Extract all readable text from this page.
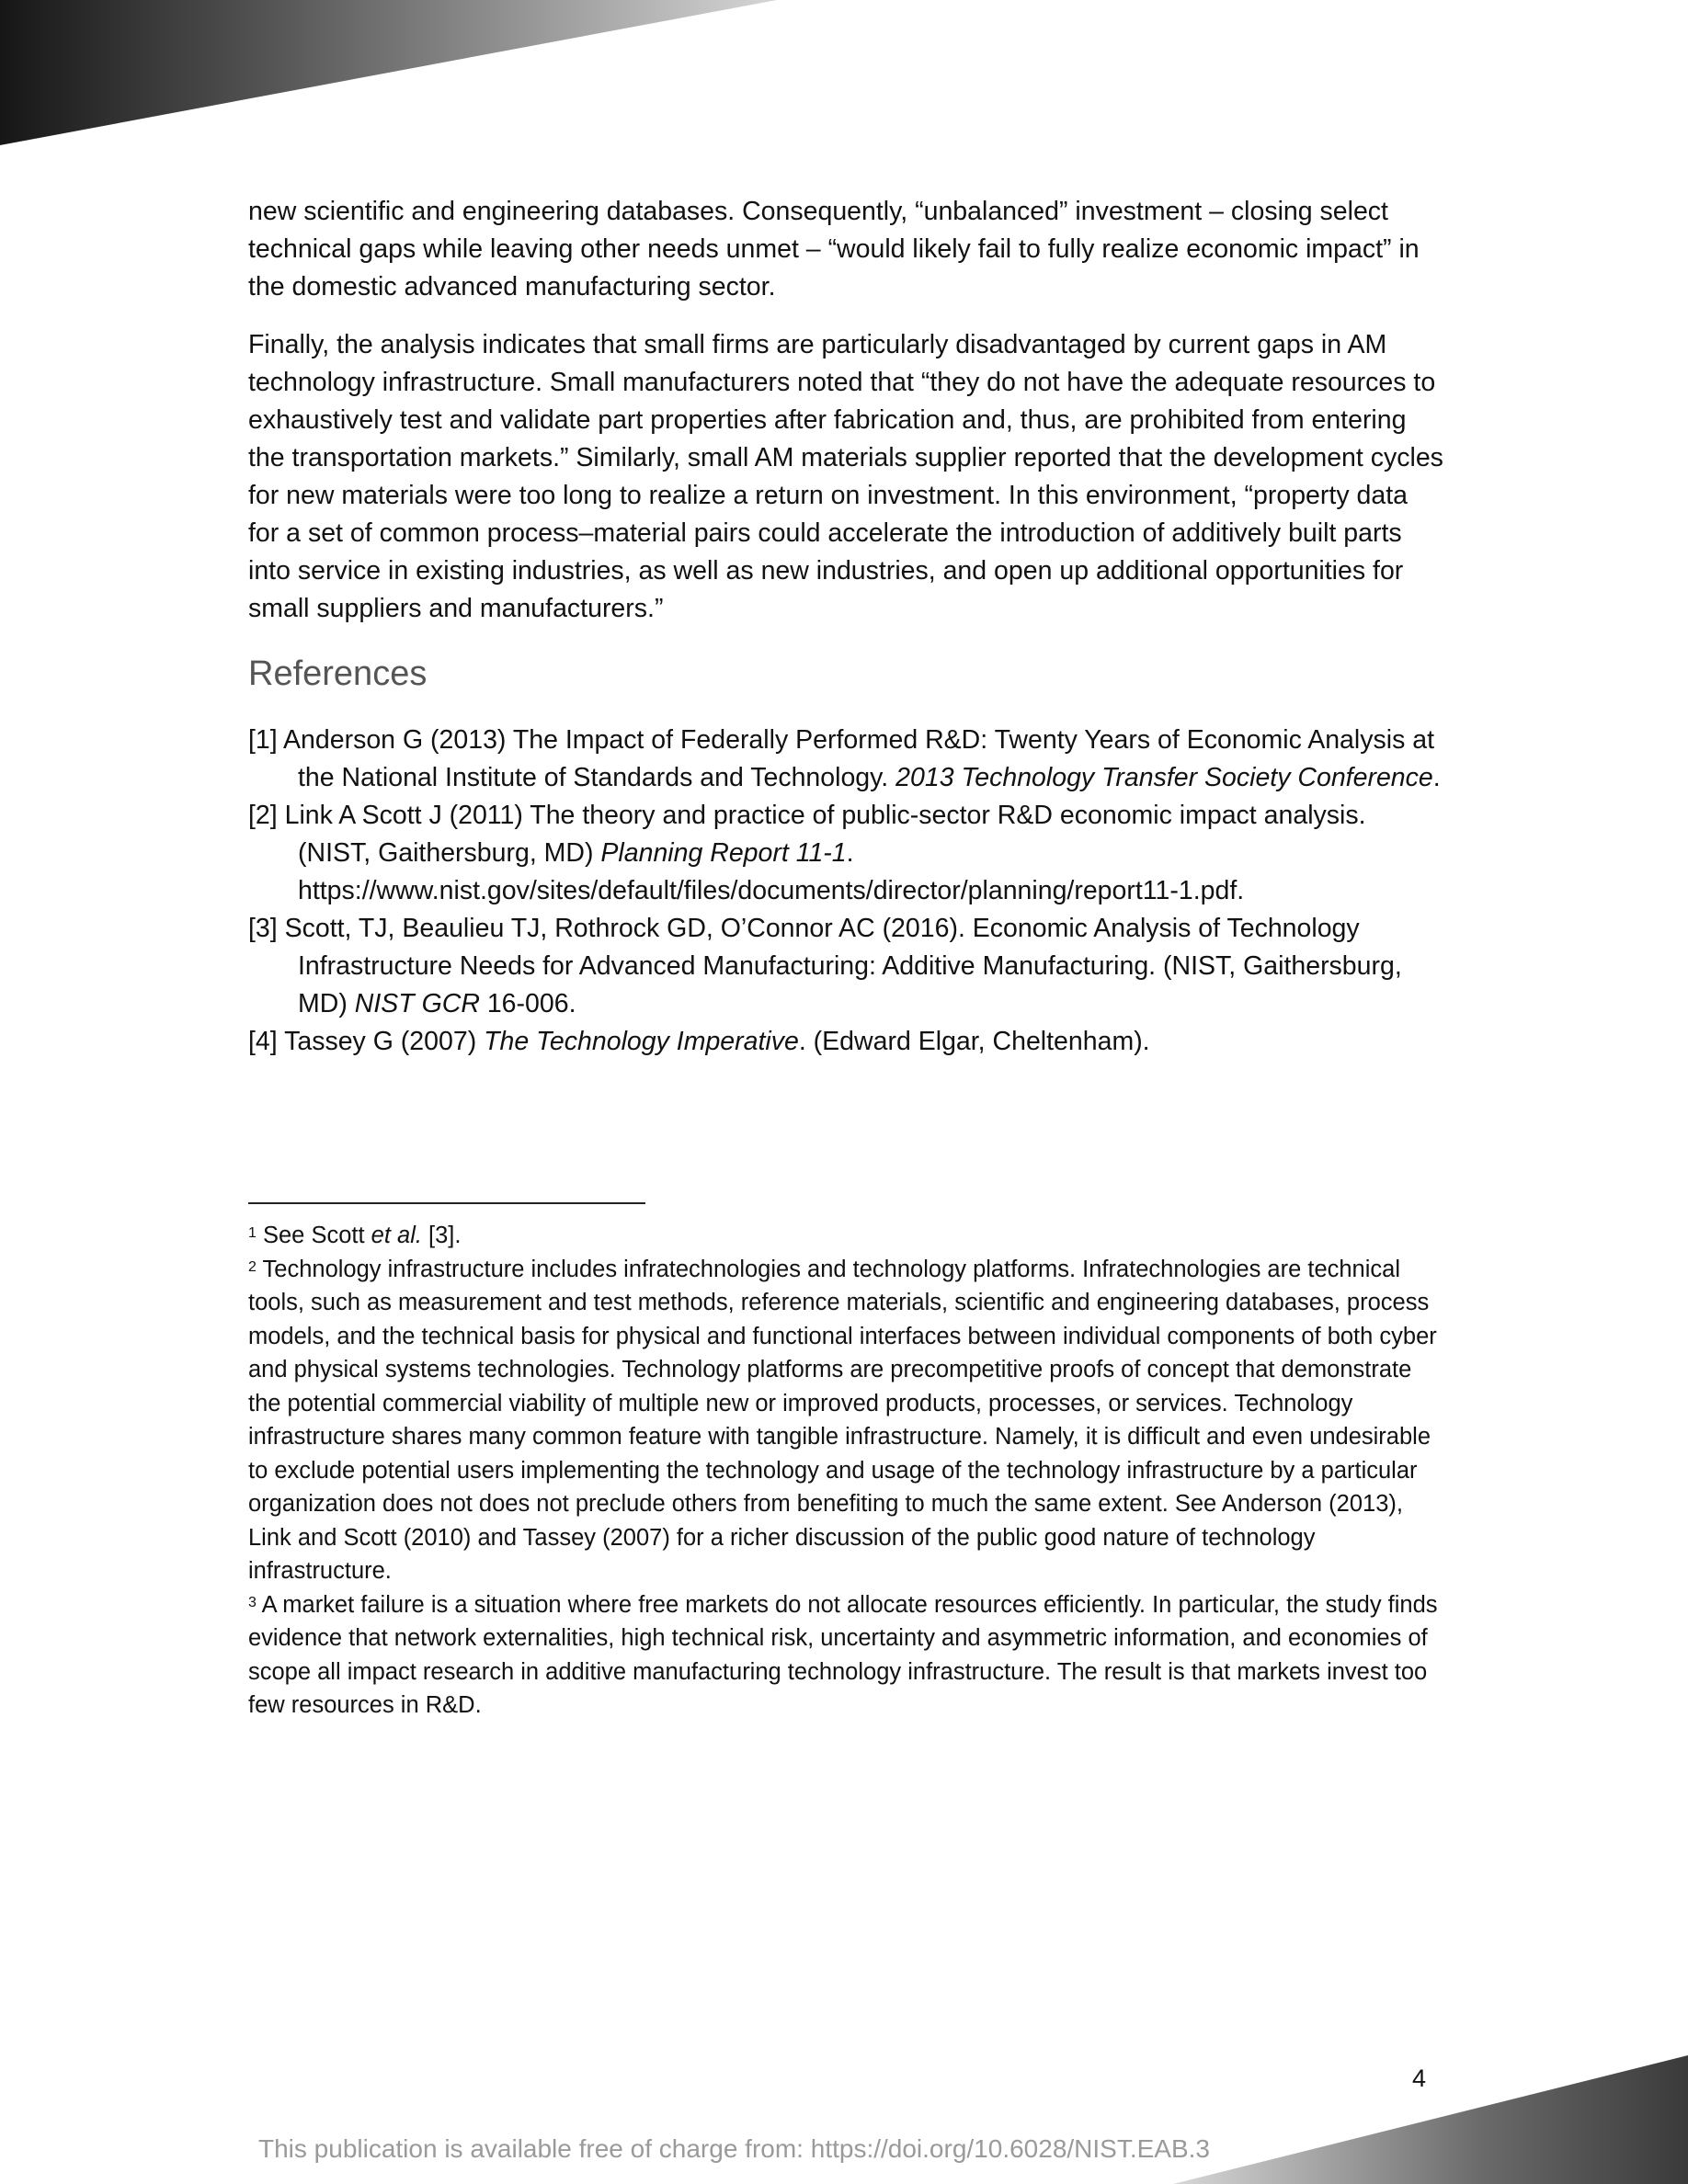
new scientific and engineering databases. Consequently, “unbalanced” investment – closing select technical gaps while leaving other needs unmet – “would likely fail to fully realize economic impact” in the domestic advanced manufacturing sector.

Finally, the analysis indicates that small firms are particularly disadvantaged by current gaps in AM technology infrastructure. Small manufacturers noted that “they do not have the adequate resources to exhaustively test and validate part properties after fabrication and, thus, are prohibited from entering the transportation markets.” Similarly, small AM materials supplier reported that the development cycles for new materials were too long to realize a return on investment. In this environment, “property data for a set of common process–material pairs could accelerate the introduction of additively built parts into service in existing industries, as well as new industries, and open up additional opportunities for small suppliers and manufacturers.”

References
[1] Anderson G (2013) The Impact of Federally Performed R&D: Twenty Years of Economic Analysis at the National Institute of Standards and Technology. 2013 Technology Transfer Society Conference.
[2] Link A Scott J (2011) The theory and practice of public-sector R&D economic impact analysis. (NIST, Gaithersburg, MD) Planning Report 11-1. https://www.nist.gov/sites/default/files/documents/director/planning/report11-1.pdf.
[3] Scott, TJ, Beaulieu TJ, Rothrock GD, O’Connor AC (2016). Economic Analysis of Technology Infrastructure Needs for Advanced Manufacturing: Additive Manufacturing. (NIST, Gaithersburg, MD) NIST GCR 16-006.
[4] Tassey G (2007) The Technology Imperative. (Edward Elgar, Cheltenham).

$^1$ See Scott et al. [3].

$^2$ Technology infrastructure includes infratechnologies and technology platforms. Infratechnologies are technical tools, such as measurement and test methods, reference materials, scientific and engineering databases, process models, and the technical basis for physical and functional interfaces between individual components of both cyber and physical systems technologies. Technology platforms are precompetitive proofs of concept that demonstrate the potential commercial viability of multiple new or improved products, processes, or services. Technology infrastructure shares many common feature with tangible infrastructure. Namely, it is difficult and even undesirable to exclude potential users implementing the technology and usage of the technology infrastructure by a particular organization does not does not preclude others from benefiting to much the same extent. See Anderson (2013), Link and Scott (2010) and Tassey (2007) for a richer discussion of the public good nature of technology infrastructure.

$^3$ A market failure is a situation where free markets do not allocate resources efficiently. In particular, the study finds evidence that network externalities, high technical risk, uncertainty and asymmetric information, and economies of scope all impact research in additive manufacturing technology infrastructure. The result is that markets invest too few resources in R&D.

4
This publication is available free of charge from: https://doi.org/10.6028/NIST.EAB.3
